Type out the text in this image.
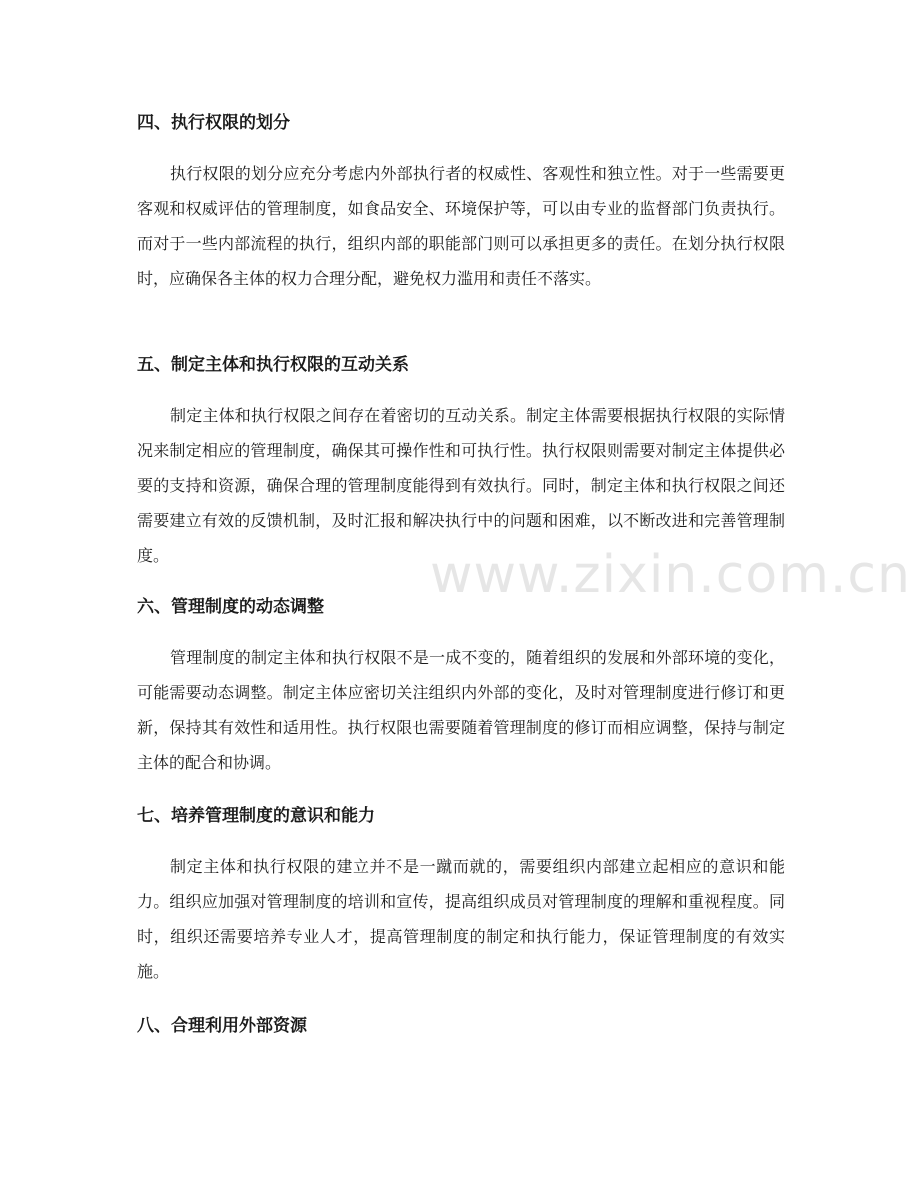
四、执行权限的划分

执行权限的划分应充分考虑内外部执行者的权威性、客观性和独立性。对于一些需要更客观和权威评估的管理制度，如食品安全、环境保护等，可以由专业的监督部门负责执行。而对于一些内部流程的执行，组织内部的职能部门则可以承担更多的责任。在划分执行权限时，应确保各主体的权力合理分配，避免权力滥用和责任不落实。

五、制定主体和执行权限的互动关系

制定主体和执行权限之间存在着密切的互动关系。制定主体需要根据执行权限的实际情况来制定相应的管理制度，确保其可操作性和可执行性。执行权限则需要对制定主体提供必要的支持和资源，确保合理的管理制度能得到有效执行。同时，制定主体和执行权限之间还需要建立有效的反馈机制，及时汇报和解决执行中的问题和困难，以不断改进和完善管理制度。

六、管理制度的动态调整

管理制度的制定主体和执行权限不是一成不变的，随着组织的发展和外部环境的变化，可能需要动态调整。制定主体应密切关注组织内外部的变化，及时对管理制度进行修订和更新，保持其有效性和适用性。执行权限也需要随着管理制度的修订而相应调整，保持与制定主体的配合和协调。

七、培养管理制度的意识和能力

制定主体和执行权限的建立并不是一蹴而就的，需要组织内部建立起相应的意识和能力。组织应加强对管理制度的培训和宣传，提高组织成员对管理制度的理解和重视程度。同时，组织还需要培养专业人才，提高管理制度的制定和执行能力，保证管理制度的有效实施。

八、合理利用外部资源
www.zixin.com.cn
